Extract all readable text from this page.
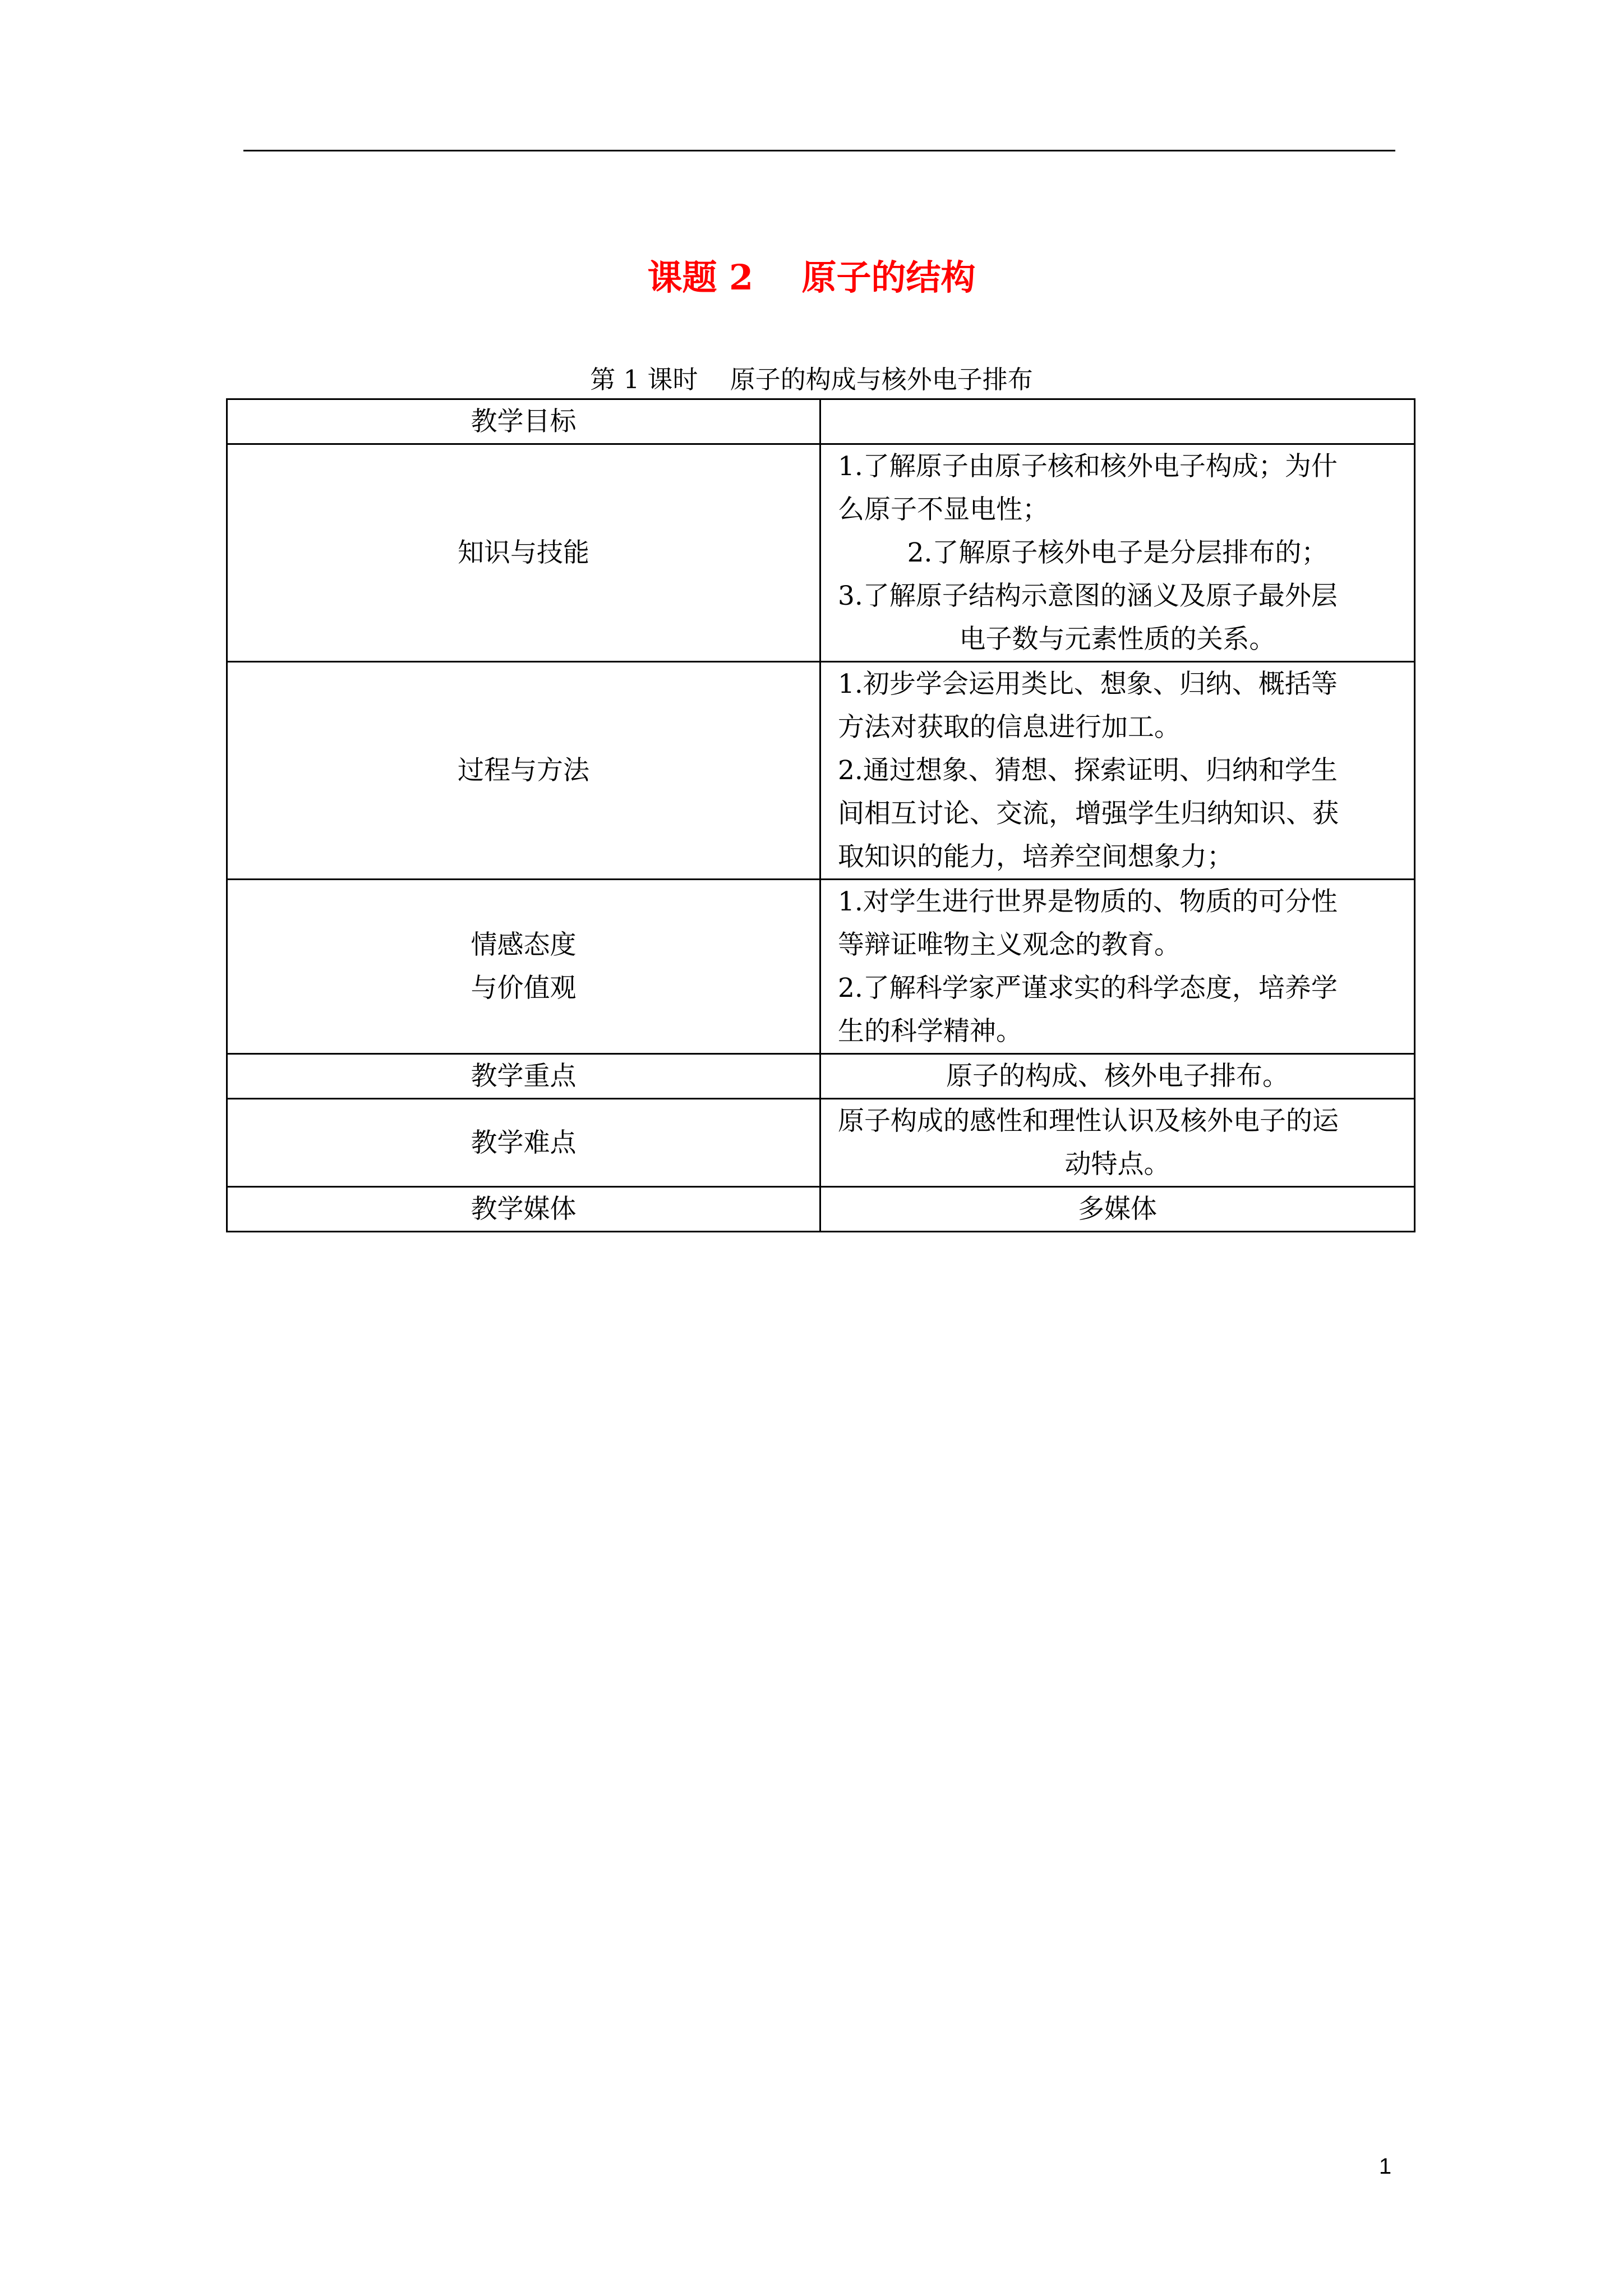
课题 2    原子的结构
第 1 课时    原子的构成与核外电子排布
教学目标	
知识与技能	1.了解原子由原子核和核外电子构成；为什
么原子不显电性；
2.了解原子核外电子是分层排布的；
3.了解原子结构示意图的涵义及原子最外层
电子数与元素性质的关系。

过程与方法	1.初步学会运用类比、想象、归纳、概括等
方法对获取的信息进行加工。
2.通过想象、猜想、探索证明、归纳和学生
间相互讨论、交流，增强学生归纳知识、获
取知识的能力，培养空间想象力；

情感态度
与价值观	1.对学生进行世界是物质的、物质的可分性
等辩证唯物主义观念的教育。
2.了解科学家严谨求实的科学态度，培养学
生的科学精神。

教学重点	原子的构成、核外电子排布。
教学难点	原子构成的感性和理性认识及核外电子的运
动特点。

教学媒体	多媒体
1
